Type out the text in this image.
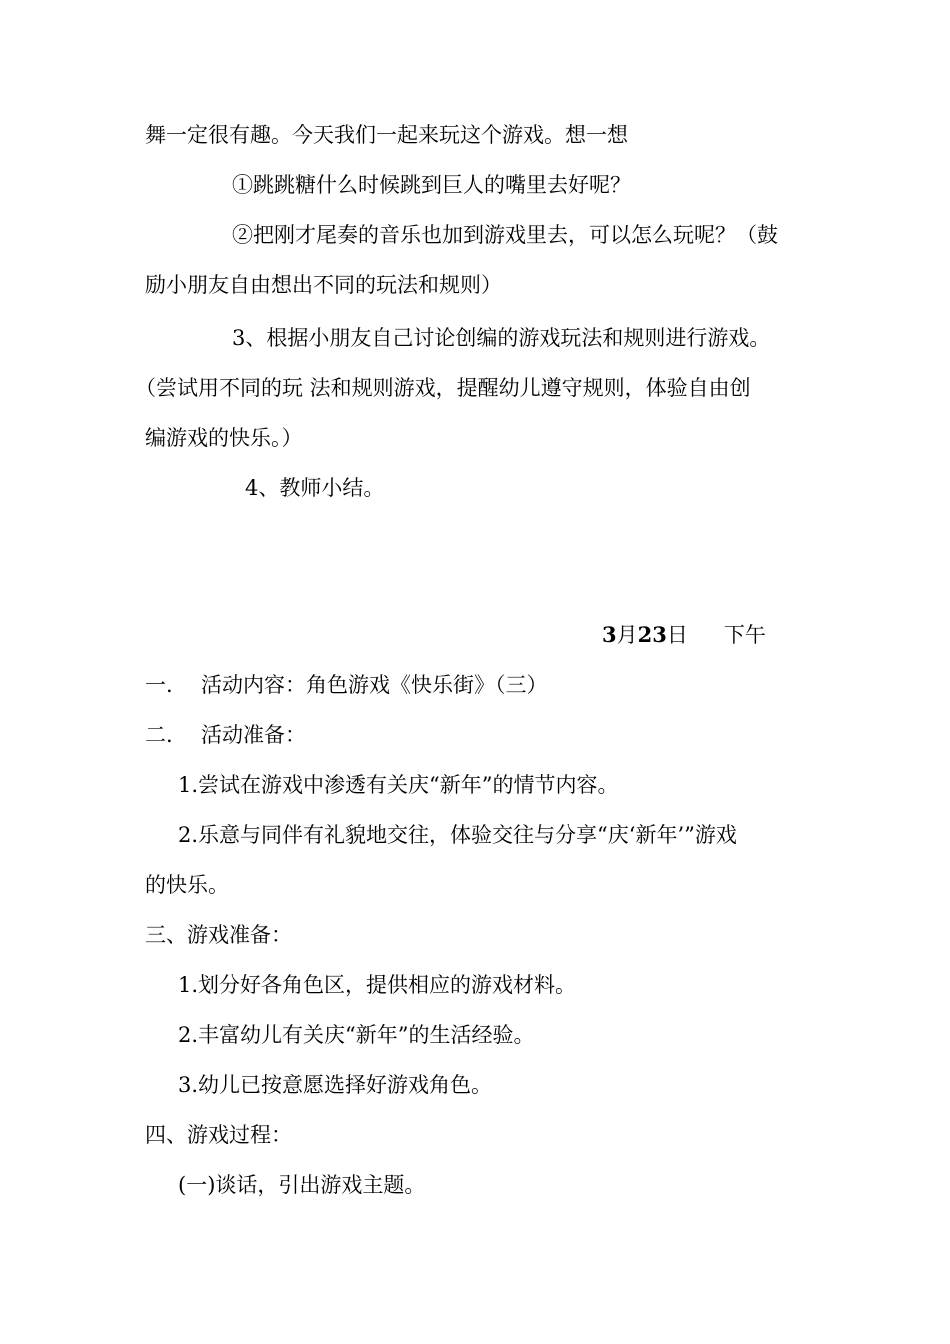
舞一定很有趣。今天我们一起来玩这个游戏。想一想
①跳跳糖什么时候跳到巨人的嘴里去好呢？
②把刚才尾奏的音乐也加到游戏里去，可以怎么玩呢？（鼓
励小朋友自由想出不同的玩法和规则）
3、根据小朋友自己讨论创编的游戏玩法和规则进行游戏。
（尝试用不同的玩 法和规则游戏，提醒幼儿遵守规则，体验自由创
编游戏的快乐。）
4、教师小结。
3月23日 下午
一. 活动内容：角色游戏《快乐街》（三）
二. 活动准备：
1.尝试在游戏中渗透有关庆“新年”的情节内容。
2.乐意与同伴有礼貌地交往，体验交往与分享“庆‘新年’”游戏
的快乐。
三、游戏准备：
1.划分好各角色区，提供相应的游戏材料。
2.丰富幼儿有关庆“新年”的生活经验。
3.幼儿已按意愿选择好游戏角色。
四、游戏过程：
(一)谈话，引出游戏主题。
